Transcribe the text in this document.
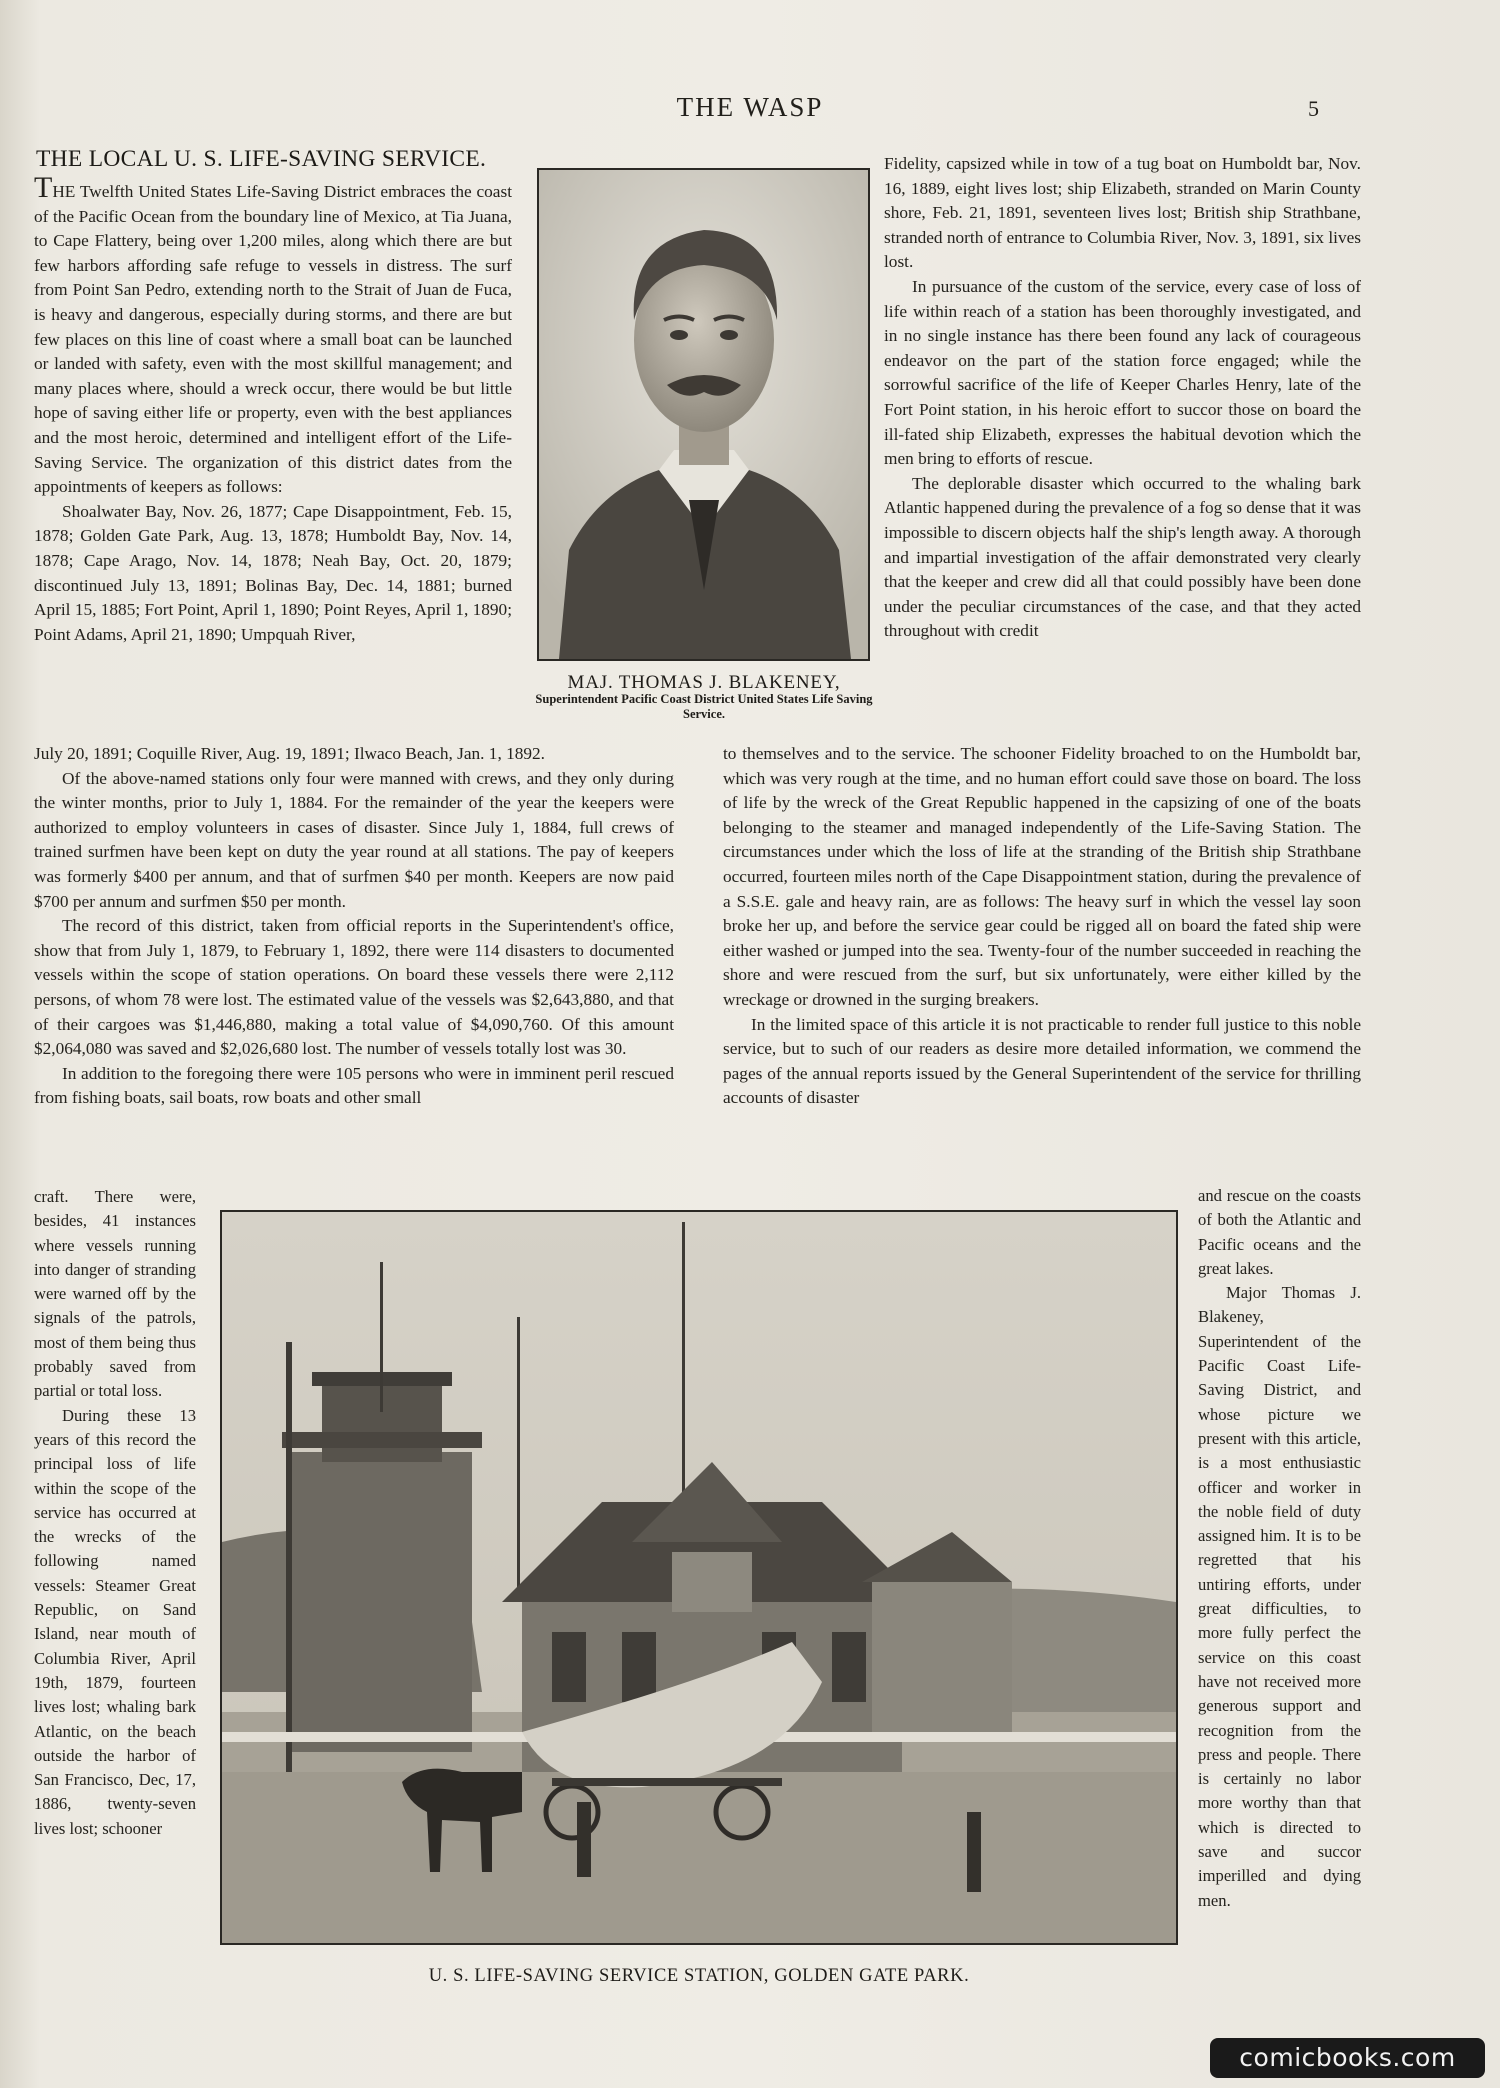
THE WASP	5
THE LOCAL U. S. LIFE-SAVING SERVICE.

THE Twelfth United States Life-Saving District embraces the coast of the Pacific Ocean from the boundary line of Mexico, at Tia Juana, to Cape Flattery, being over 1,200 miles, along which there are but few harbors affording safe refuge to vessels in distress. The surf from Point San Pedro, extending north to the Strait of Juan de Fuca, is heavy and dangerous, especially during storms, and there are but few places on this line of coast where a small boat can be launched or landed with safety, even with the most skillful management; and many places where, should a wreck occur, there would be but little hope of saving either life or property, even with the best appliances and the most heroic, determined and intelligent effort of the Life-Saving Service. The organization of this district dates from the appointments of keepers as follows:

Shoalwater Bay, Nov. 26, 1877; Cape Disappointment, Feb. 15, 1878; Golden Gate Park, Aug. 13, 1878; Humboldt Bay, Nov. 14, 1878; Cape Arago, Nov. 14, 1878; Neah Bay, Oct. 20, 1879; discontinued July 13, 1891; Bolinas Bay, Dec. 14, 1881; burned April 15, 1885; Fort Point, April 1, 1890; Point Reyes, April 1, 1890; Point Adams, April 21, 1890; Umpquah River,

MAJ. THOMAS J. BLAKENEY,
Superintendent Pacific Coast District United States Life Saving Service.

Fidelity, capsized while in tow of a tug boat on Humboldt bar, Nov. 16, 1889, eight lives lost; ship Elizabeth, stranded on Marin County shore, Feb. 21, 1891, seventeen lives lost; British ship Strathbane, stranded north of entrance to Columbia River, Nov. 3, 1891, six lives lost.

In pursuance of the custom of the service, every case of loss of life within reach of a station has been thoroughly investigated, and in no single instance has there been found any lack of courageous endeavor on the part of the station force engaged; while the sorrowful sacrifice of the life of Keeper Charles Henry, late of the Fort Point station, in his heroic effort to succor those on board the ill-fated ship Elizabeth, expresses the habitual devotion which the men bring to efforts of rescue.

The deplorable disaster which occurred to the whaling bark Atlantic happened during the prevalence of a fog so dense that it was impossible to discern objects half the ship's length away. A thorough and impartial investigation of the affair demonstrated very clearly that the keeper and crew did all that could possibly have been done under the peculiar circumstances of the case, and that they acted throughout with credit

July 20, 1891; Coquille River, Aug. 19, 1891; Ilwaco Beach, Jan. 1, 1892.

Of the above-named stations only four were manned with crews, and they only during the winter months, prior to July 1, 1884. For the remainder of the year the keepers were authorized to employ volunteers in cases of disaster. Since July 1, 1884, full crews of trained surfmen have been kept on duty the year round at all stations. The pay of keepers was formerly $400 per annum, and that of surfmen $40 per month. Keepers are now paid $700 per annum and surfmen $50 per month.

The record of this district, taken from official reports in the Superintendent's office, show that from July 1, 1879, to February 1, 1892, there were 114 disasters to documented vessels within the scope of station operations. On board these vessels there were 2,112 persons, of whom 78 were lost. The estimated value of the vessels was $2,643,880, and that of their cargoes was $1,446,880, making a total value of $4,090,760. Of this amount $2,064,080 was saved and $2,026,680 lost. The number of vessels totally lost was 30.

In addition to the foregoing there were 105 persons who were in imminent peril rescued from fishing boats, sail boats, row boats and other small

to themselves and to the service. The schooner Fidelity broached to on the Humboldt bar, which was very rough at the time, and no human effort could save those on board. The loss of life by the wreck of the Great Republic happened in the capsizing of one of the boats belonging to the steamer and managed independently of the Life-Saving Station. The circumstances under which the loss of life at the stranding of the British ship Strathbane occurred, fourteen miles north of the Cape Disappointment station, during the prevalence of a S.S.E. gale and heavy rain, are as follows: The heavy surf in which the vessel lay soon broke her up, and before the service gear could be rigged all on board the fated ship were either washed or jumped into the sea. Twenty-four of the number succeeded in reaching the shore and were rescued from the surf, but six unfortunately, were either killed by the wreckage or drowned in the surging breakers.

In the limited space of this article it is not practicable to render full justice to this noble service, but to such of our readers as desire more detailed information, we commend the pages of the annual reports issued by the General Superintendent of the service for thrilling accounts of disaster

craft. There were, besides, 41 instances where vessels running into danger of stranding were warned off by the signals of the patrols, most of them being thus probably saved from partial or total loss.

During these 13 years of this record the principal loss of life within the scope of the service has occurred at the wrecks of the following named vessels: Steamer Great Republic, on Sand Island, near mouth of Columbia River, April 19th, 1879, fourteen lives lost; whaling bark Atlantic, on the beach outside the harbor of San Francisco, Dec, 17, 1886, twenty-seven lives lost; schooner

and rescue on the coasts of both the Atlantic and Pacific oceans and the great lakes.

Major Thomas J. Blakeney, Superintendent of the Pacific Coast Life-Saving District, and whose picture we present with this article, is a most enthusiastic officer and worker in the noble field of duty assigned him. It is to be regretted that his untiring efforts, under great difficulties, to more fully perfect the service on this coast have not received more generous support and recognition from the press and people. There is certainly no labor more worthy than that which is directed to save and succor imperilled and dying men.

U. S. LIFE-SAVING SERVICE STATION, GOLDEN GATE PARK.
comicbooks.com
